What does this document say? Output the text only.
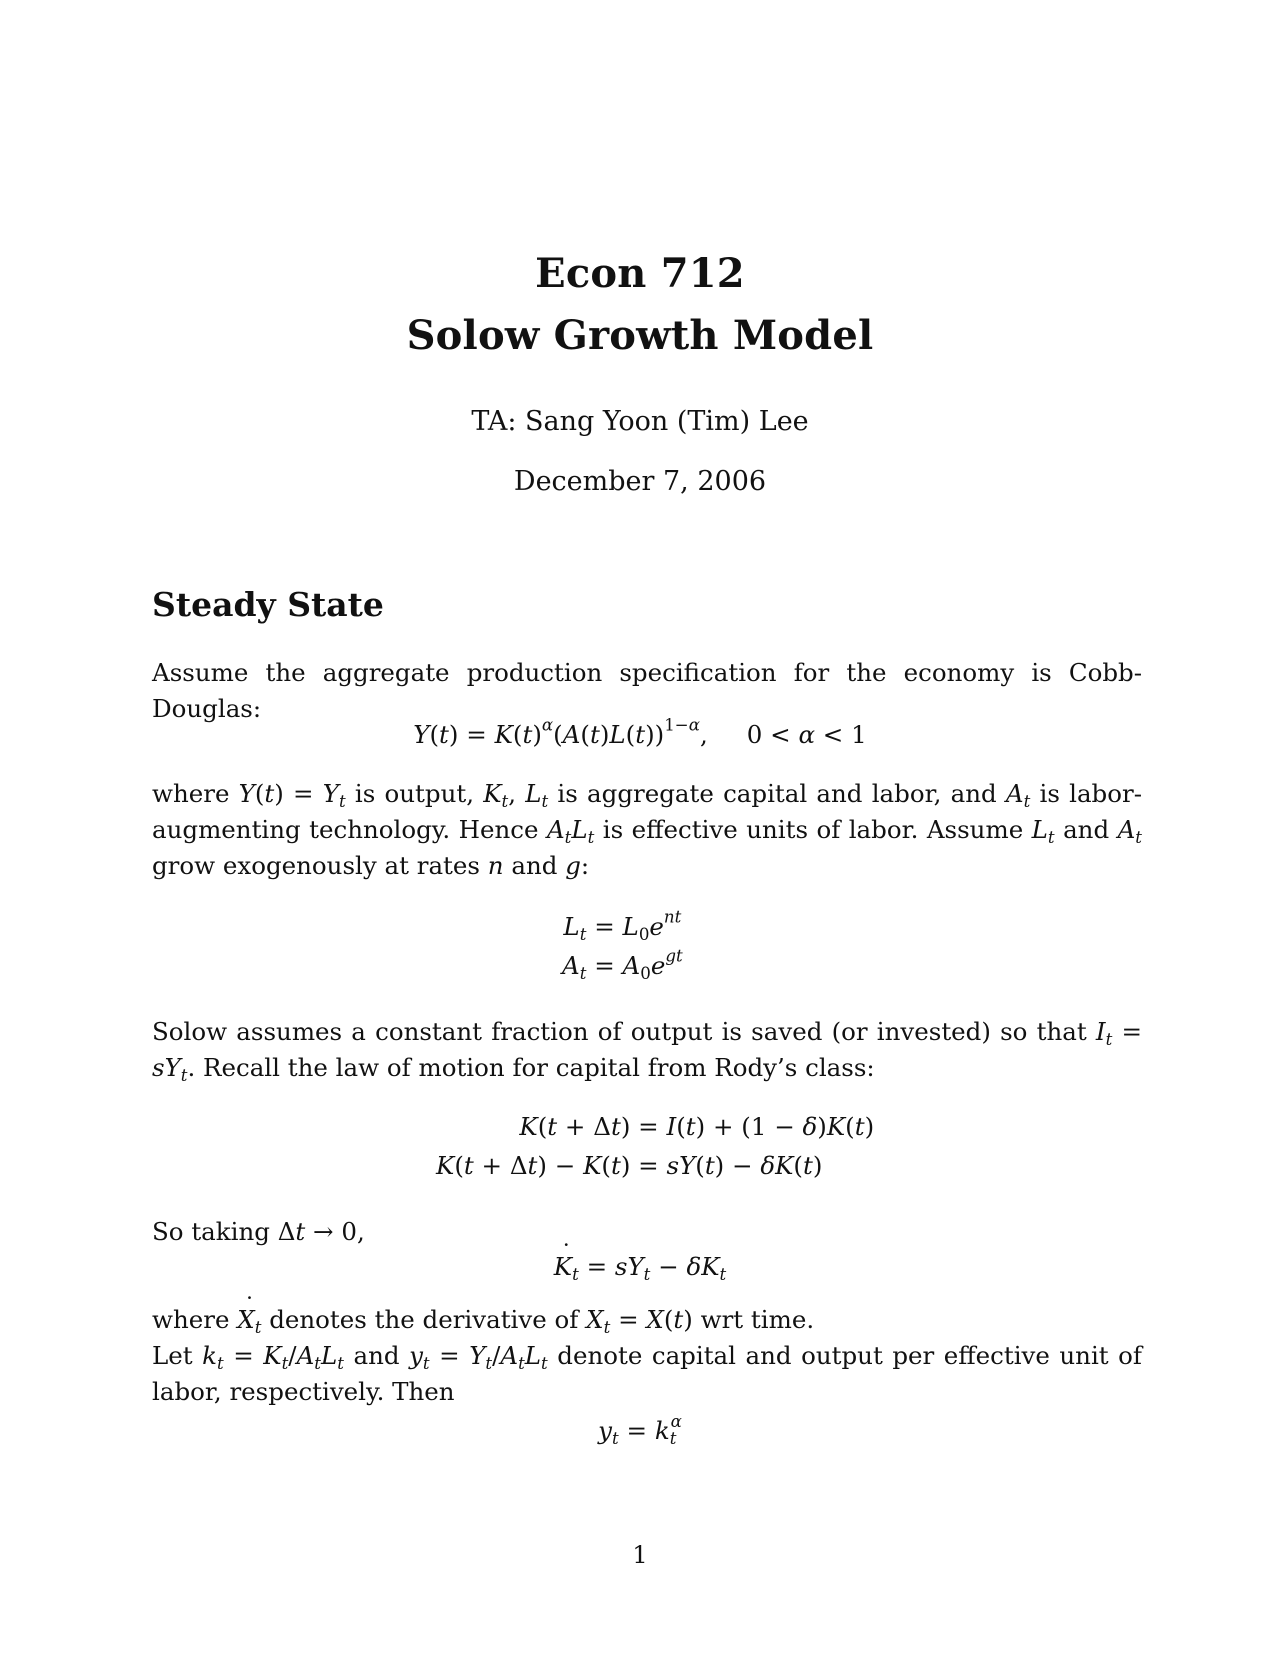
Econ 712
Solow Growth Model
TA: Sang Yoon (Tim) Lee
December 7, 2006
Steady State
Assume the aggregate production specification for the economy is Cobb-Douglas:
$Y(t) = K(t)^\alpha(A(t)L(t))^{1-\alpha}$,     0 < α < 1
where $Y(t) = Y_t$ is output, $K_t$, $L_t$ is aggregate capital and labor, and $A_t$ is labor-augmenting technology. Hence $A_tL_t$ is effective units of labor. Assume $L_t$ and $A_t$ grow exogenously at rates n and g:
$L_t = L_0e^{nt}$
$A_t = A_0e^{gt}$
Solow assumes a constant fraction of output is saved (or invested) so that $I_t = sY_t$. Recall the law of motion for capital from Rody’s class:
K(t + Δt) = I(t) + (1 − δ)K(t)
K(t + Δt) − K(t) = sY(t) − δK(t)
So taking Δt → 0,
˙ $K_t = sY_t - \delta K_t$
where ˙ $X_t$ denotes the derivative of $X_t = X(t)$ wrt time.
Let $k_t = K_t/A_tL_t$ and $y_t = Y_t/A_tL_t$ denote capital and output per effective unit of labor, respectively. Then
$y_t = k_t^\alpha$
1
